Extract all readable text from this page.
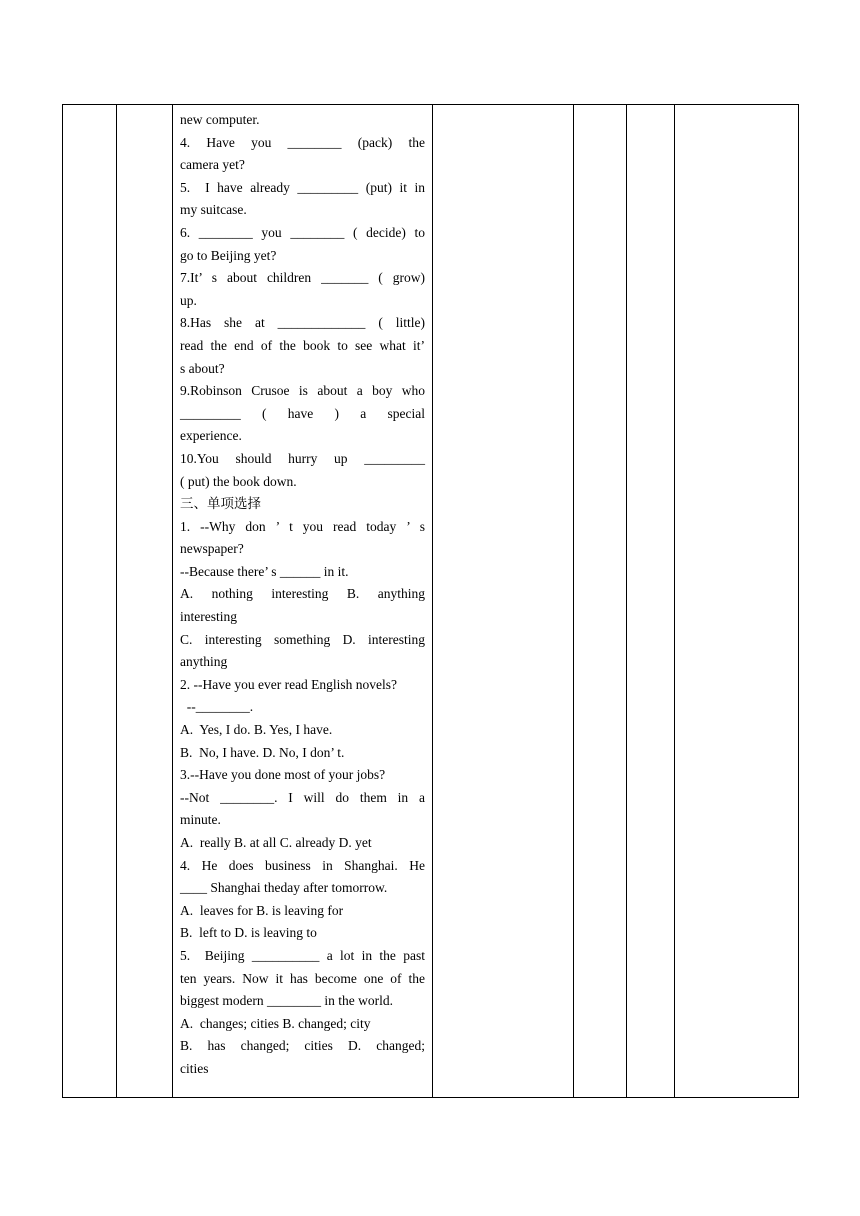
new computer.

4. Have you ________ (pack) the

camera yet?

5.  I have already _________ (put) it in

my suitcase.

6. ________ you ________ ( decide) to

go to Beijing yet?

7.It’ s about children _______ ( grow)

up.

8.Has she at _____________ ( little)

read the end of the book to see what it’

s about?

9.Robinson Crusoe is about a boy who

_________ ( have ) a special

experience.

10.You should hurry up _________

( put) the book down.

三、单项选择

1. --Why don ’ t you read today ’ s

newspaper?

--Because there’ s ______ in it.

A. nothing interesting B. anything

interesting

C. interesting something D. interesting

anything

2. --Have you ever read English novels?

--________.

A.  Yes, I do. B. Yes, I have.

B.  No, I have. D. No, I don’ t.

3.--Have you done most of your jobs?

--Not ________. I will do them in a

minute.

A.  really B. at all C. already D. yet

4. He does business in Shanghai. He

____ Shanghai theday after tomorrow.

A.  leaves for B. is leaving for

B.  left to D. is leaving to

5.  Beijing __________ a lot in the past

ten years. Now it has become one of the

biggest modern ________ in the world.

A.  changes; cities B. changed; city

B. has changed; cities D. changed;

cities
